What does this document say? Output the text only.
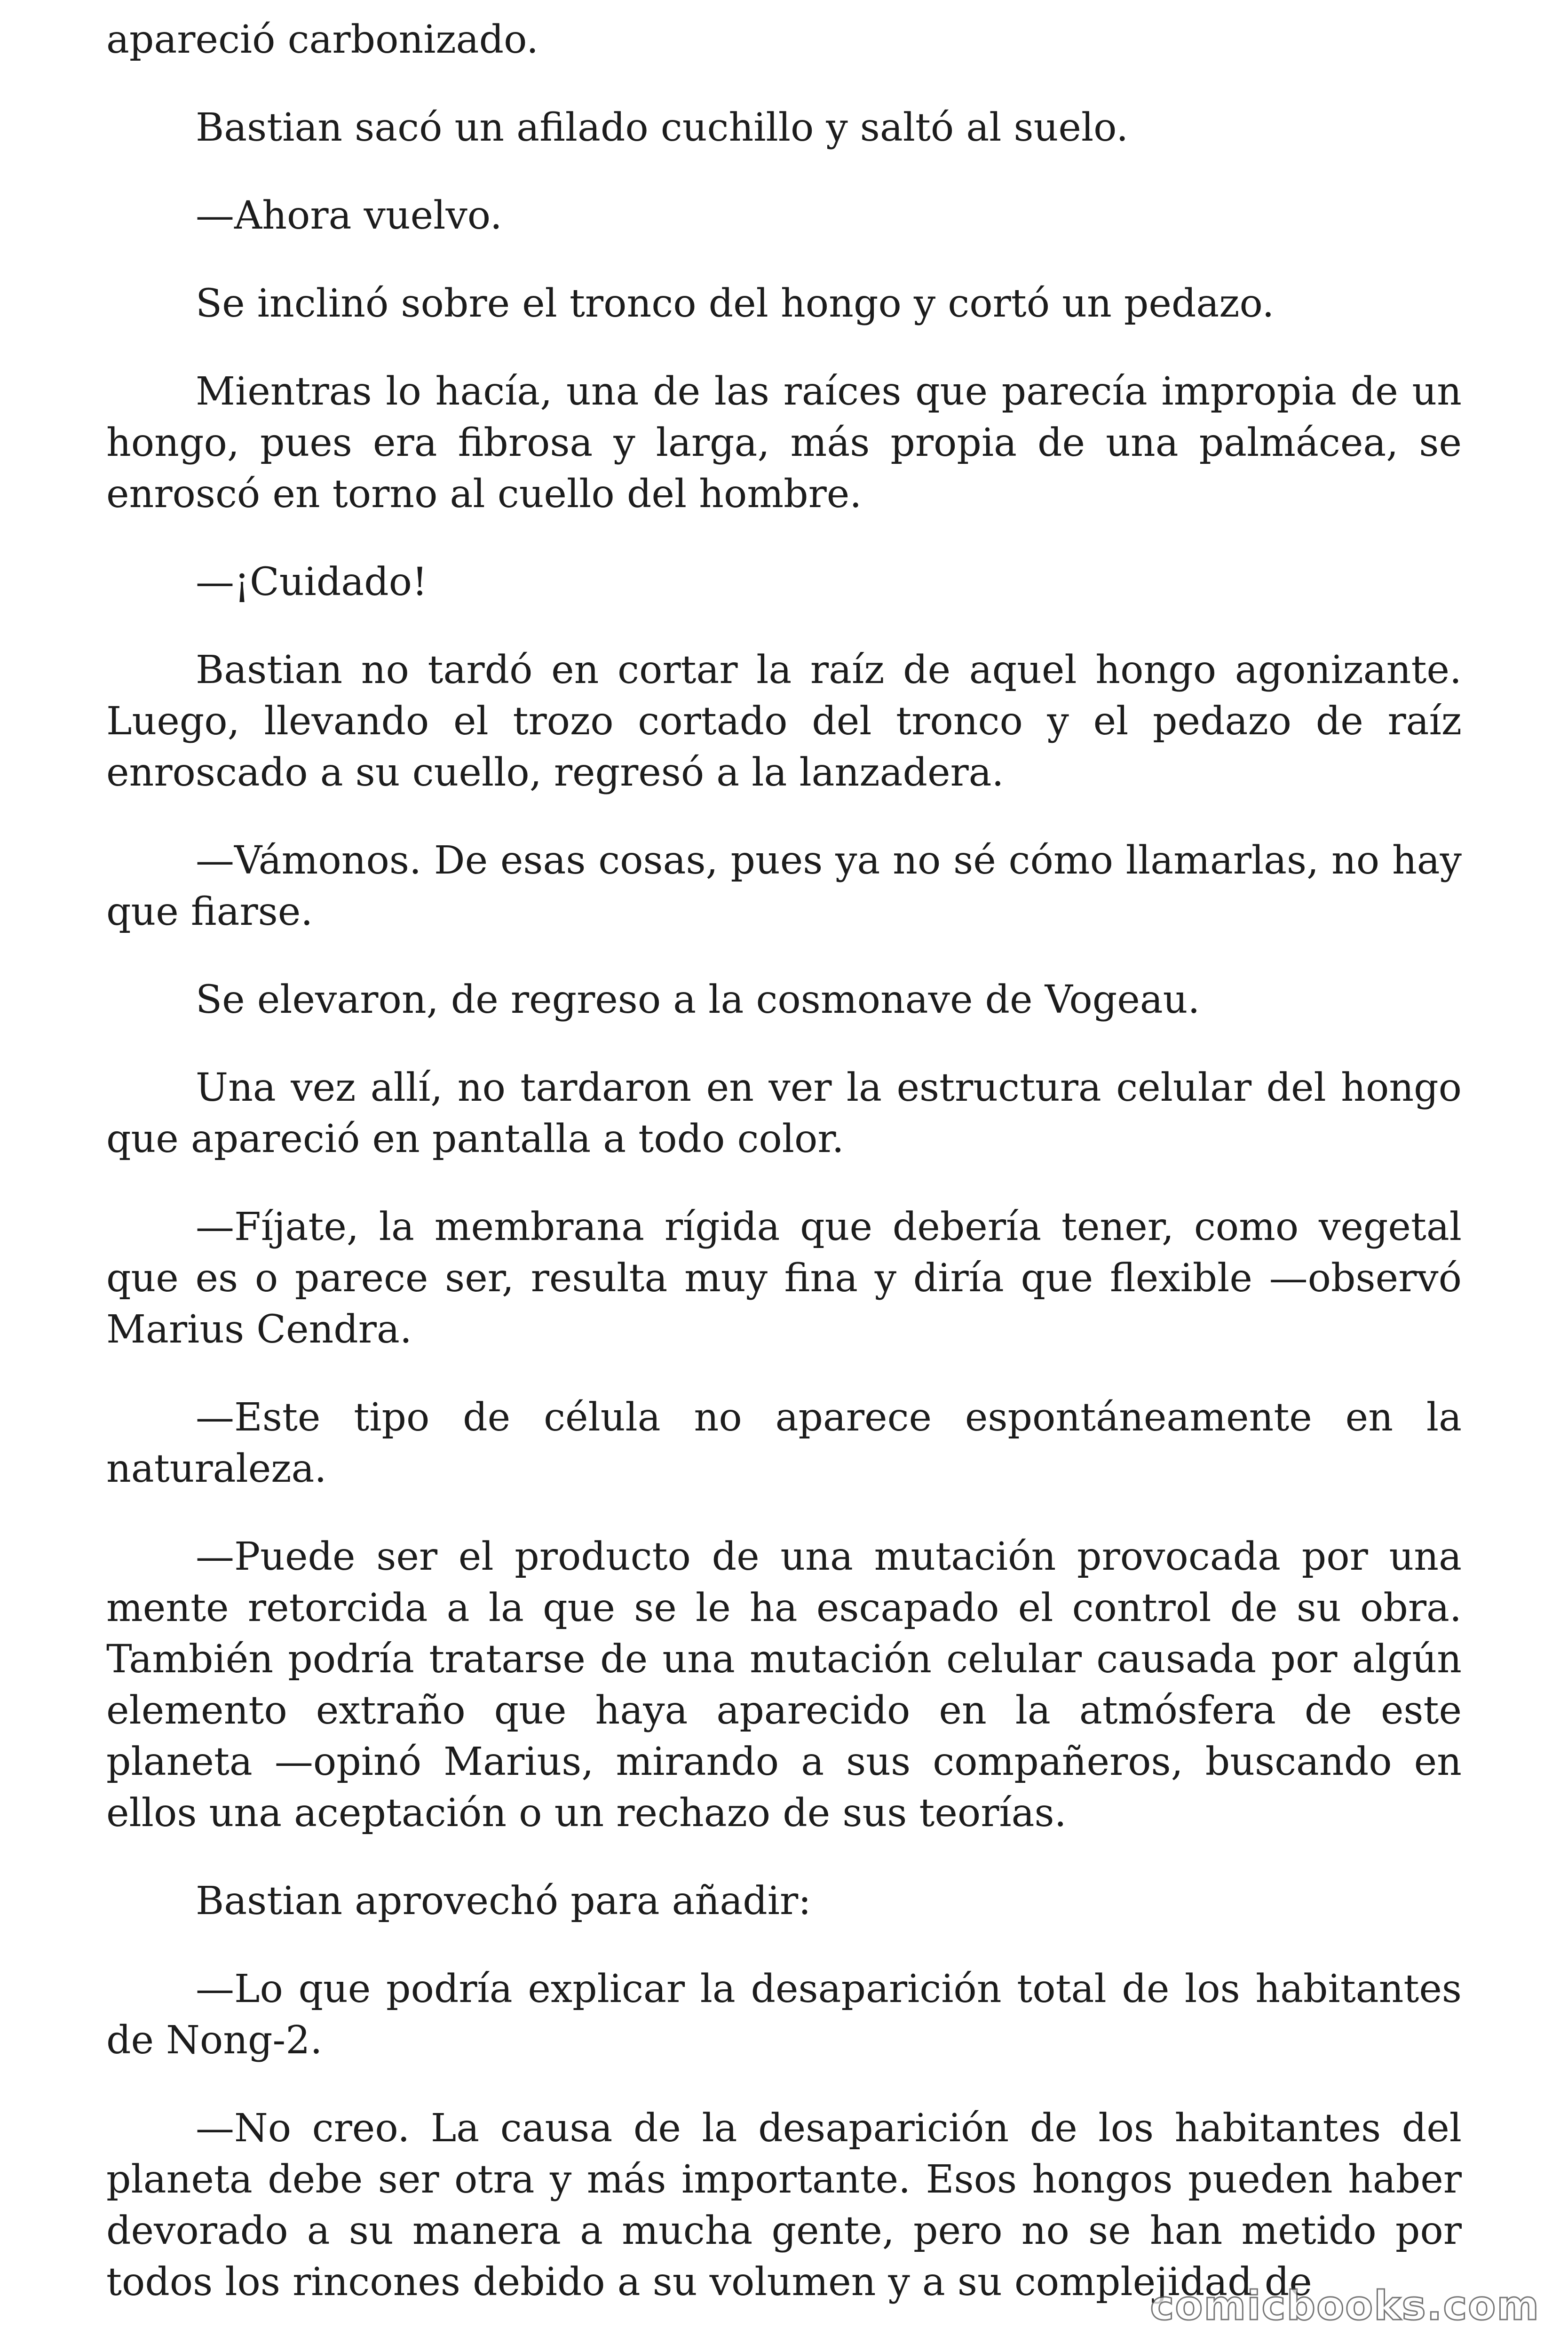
apareció carbonizado.

Bastian sacó un afilado cuchillo y saltó al suelo.

—Ahora vuelvo.

Se inclinó sobre el tronco del hongo y cortó un pedazo.

Mientras lo hacía, una de las raíces que parecía impropia de un hongo, pues era fibrosa y larga, más propia de una palmácea, se enroscó en torno al cuello del hombre.

—¡Cuidado!

Bastian no tardó en cortar la raíz de aquel hongo agonizante. Luego, llevando el trozo cortado del tronco y el pedazo de raíz enroscado a su cuello, regresó a la lanzadera.

—Vámonos. De esas cosas, pues ya no sé cómo llamarlas, no hay que fiarse.

Se elevaron, de regreso a la cosmonave de Vogeau.

Una vez allí, no tardaron en ver la estructura celular del hongo que apareció en pantalla a todo color.

—Fíjate, la membrana rígida que debería tener, como vegetal que es o parece ser, resulta muy fina y diría que flexible —observó Marius Cendra.

—Este tipo de célula no aparece espontáneamente en la naturaleza.

—Puede ser el producto de una mutación provocada por una mente retorcida a la que se le ha escapado el control de su obra. También podría tratarse de una mutación celular causada por algún elemento extraño que haya aparecido en la atmósfera de este planeta —opinó Marius, mirando a sus compañeros, buscando en ellos una aceptación o un rechazo de sus teorías.

Bastian aprovechó para añadir:

—Lo que podría explicar la desaparición total de los habitantes de Nong-2.

—No creo. La causa de la desaparición de los habitantes del planeta debe ser otra y más importante. Esos hongos pueden haber devorado a su manera a mucha gente, pero no se han metido por todos los rincones debido a su volumen y a su complejidad de

comicbooks.com
